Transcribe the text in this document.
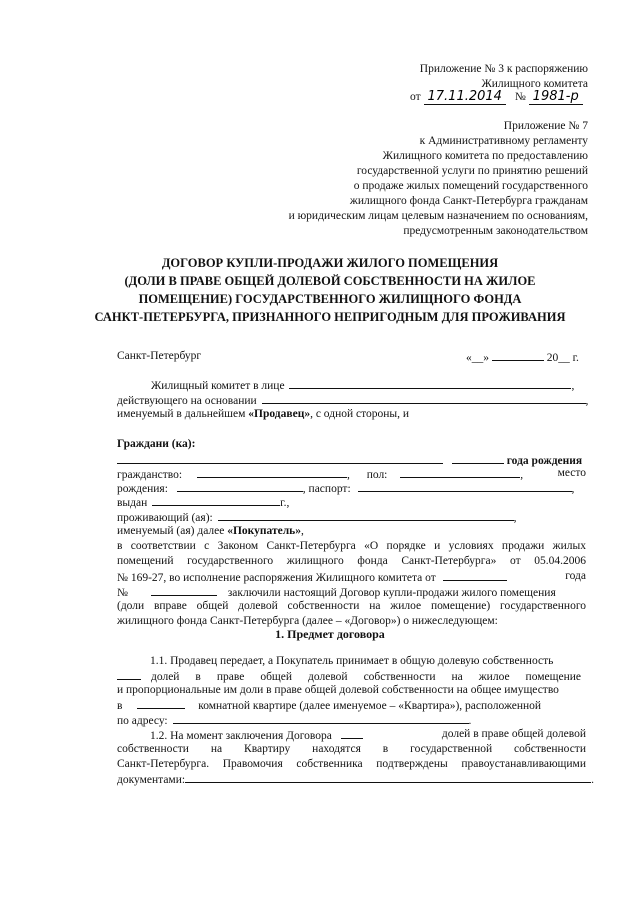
Приложение № 3 к распоряжению
Жилищного комитета
от 17.11.2014 № 1981-р
Приложение № 7
к Административному регламенту
Жилищного комитета по предоставлению
государственной услуги по принятию решений
о продаже жилых помещений государственного
жилищного фонда Санкт-Петербурга гражданам
и юридическим лицам целевым назначением по основаниям,
предусмотренным законодательством
ДОГОВОР КУПЛИ-ПРОДАЖИ ЖИЛОГО ПОМЕЩЕНИЯ
(ДОЛИ В ПРАВЕ ОБЩЕЙ ДОЛЕВОЙ СОБСТВЕННОСТИ НА ЖИЛОЕ
ПОМЕЩЕНИЕ) ГОСУДАРСТВЕННОГО ЖИЛИЩНОГО ФОНДА
САНКТ-ПЕТЕРБУРГА, ПРИЗНАННОГО НЕПРИГОДНЫМ ДЛЯ ПРОЖИВАНИЯ
Санкт-Петербург	«__»	20__ г.
Жилищный комитет в лице	,
действующего на основании	,
именуемый в дальнейшем «Продавец», с одной стороны, и
Граждани (ка):
года рождения
гражданство:	, пол:	,	место
рождения:	, паспорт:	,
выдан	г.,
проживающий (ая):	,
именуемый (ая) далее «Покупатель»,
в соответствии с Законом Санкт-Петербурга «О порядке и условиях продажи жилых
помещений государственного жилищного фонда Санкт-Петербурга» от 05.04.2006
№ 169-27, во исполнение распоряжения Жилищного комитета от	года
№	заключили настоящий Договор купли-продажи жилого помещения
(доли вправе общей долевой собственности на жилое помещение) государственного
жилищного фонда Санкт-Петербурга (далее – «Договор») о нижеследующем:
1. Предмет договора
1.1. Продавец передает, а Покупатель принимает в общую долевую собственность
долей в праве общей долевой собственности на жилое помещение
и пропорциональные им доли в праве общей долевой собственности на общее имущество
в	комнатной квартире (далее именуемое – «Квартира»), расположенной
по адресу:	.
1.2. На момент заключения Договора	долей в праве общей долевой
собственности на Квартиру находятся в государственной собственности
Санкт-Петербурга. Правомочия собственника подтверждены правоустанавливающими
документами:	.
